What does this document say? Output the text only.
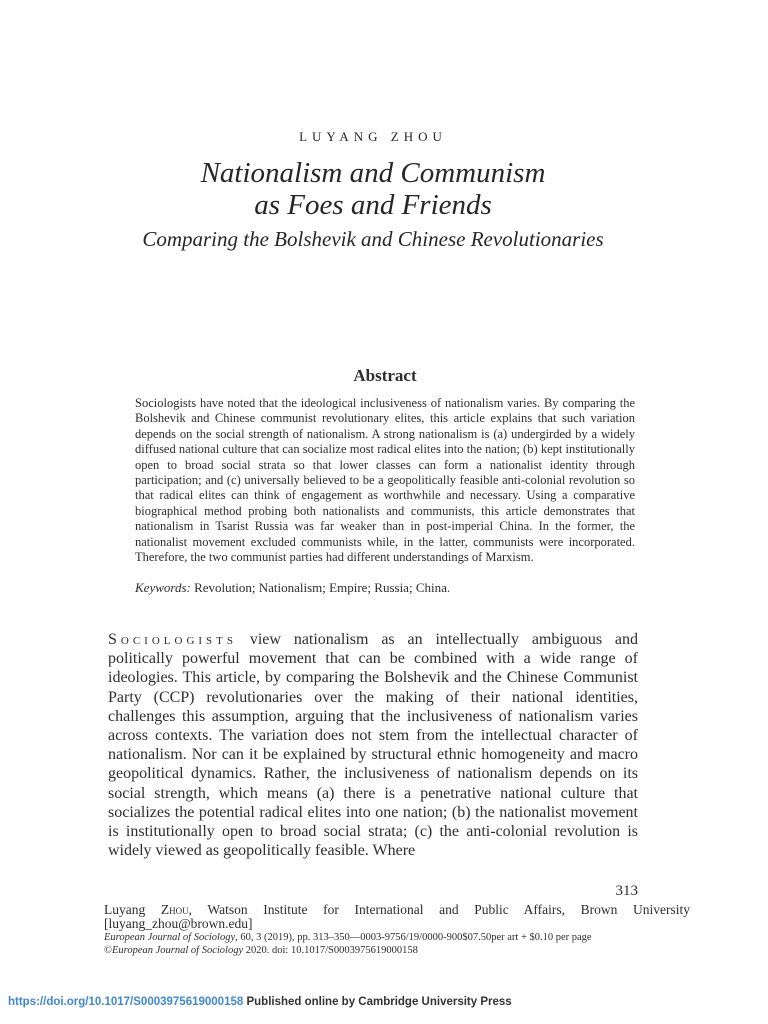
LUYANG ZHOU
Nationalism and Communism
as Foes and Friends
Comparing the Bolshevik and Chinese Revolutionaries
Abstract
Sociologists have noted that the ideological inclusiveness of nationalism varies. By comparing the Bolshevik and Chinese communist revolutionary elites, this article explains that such variation depends on the social strength of nationalism. A strong nationalism is (a) undergirded by a widely diffused national culture that can socialize most radical elites into the nation; (b) kept institutionally open to broad social strata so that lower classes can form a nationalist identity through participation; and (c) universally believed to be a geopolitically feasible anti-colonial revolution so that radical elites can think of engagement as worthwhile and necessary. Using a comparative biographical method probing both nationalists and communists, this article demonstrates that nationalism in Tsarist Russia was far weaker than in post-imperial China. In the former, the nationalist movement excluded communists while, in the latter, communists were incorporated. Therefore, the two communist parties had different understandings of Marxism.
Keywords: Revolution; Nationalism; Empire; Russia; China.
Sociologists view nationalism as an intellectually ambiguous and politically powerful movement that can be combined with a wide range of ideologies. This article, by comparing the Bolshevik and the Chinese Communist Party (CCP) revolutionaries over the making of their national identities, challenges this assumption, arguing that the inclusiveness of nationalism varies across contexts. The variation does not stem from the intellectual character of nationalism. Nor can it be explained by structural ethnic homogeneity and macro geopolitical dynamics. Rather, the inclusiveness of nationalism depends on its social strength, which means (a) there is a penetrative national culture that socializes the potential radical elites into one nation; (b) the nationalist movement is institutionally open to broad social strata; (c) the anti-colonial revolution is widely viewed as geopolitically feasible. Where
313
Luyang Zhou, Watson Institute for International and Public Affairs, Brown University [luyang_zhou@brown.edu]
European Journal of Sociology, 60, 3 (2019), pp. 313–350—0003-9756/19/0000-900$07.50per art + $0.10 per page
©European Journal of Sociology 2020. doi: 10.1017/S0003975619000158
https://doi.org/10.1017/S0003975619000158 Published online by Cambridge University Press
